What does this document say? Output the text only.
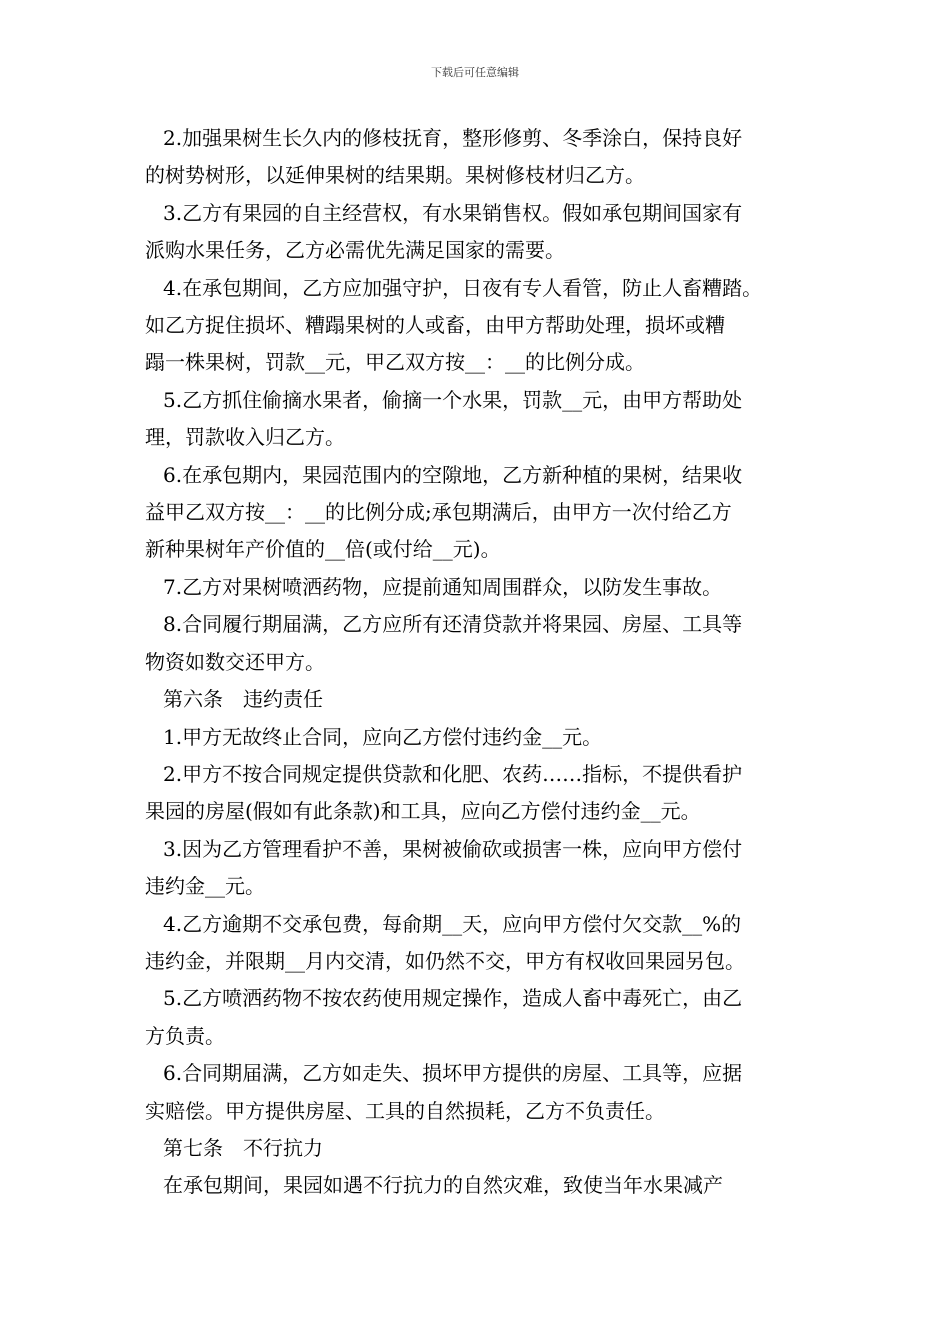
下载后可任意编辑
2.加强果树生长久内的修枝抚育，整形修剪、冬季涂白，保持良好
的树势树形，以延伸果树的结果期。果树修枝材归乙方。
3.乙方有果园的自主经营权，有水果销售权。假如承包期间国家有
派购水果任务，乙方必需优先满足国家的需要。
4.在承包期间，乙方应加强守护，日夜有专人看管，防止人畜糟踏。
如乙方捉住损坏、糟蹋果树的人或畜，由甲方帮助处理，损坏或糟
蹋一株果树，罚款__元，甲乙双方按__：__的比例分成。
5.乙方抓住偷摘水果者，偷摘一个水果，罚款__元，由甲方帮助处
理，罚款收入归乙方。
6.在承包期内，果园范围内的空隙地，乙方新种植的果树，结果收
益甲乙双方按__：__的比例分成;承包期满后，由甲方一次付给乙方
新种果树年产价值的__倍(或付给__元)。
7.乙方对果树喷洒药物，应提前通知周围群众，以防发生事故。
8.合同履行期届满，乙方应所有还清贷款并将果园、房屋、工具等
物资如数交还甲方。
第六条　违约责任
1.甲方无故终止合同，应向乙方偿付违约金__元。
2.甲方不按合同规定提供贷款和化肥、农药……指标，不提供看护
果园的房屋(假如有此条款)和工具，应向乙方偿付违约金__元。
3.因为乙方管理看护不善，果树被偷砍或损害一株，应向甲方偿付
违约金__元。
4.乙方逾期不交承包费，每俞期__天，应向甲方偿付欠交款__%的
违约金，并限期__月内交清，如仍然不交，甲方有权收回果园另包。
5.乙方喷洒药物不按农药使用规定操作，造成人畜中毒死亡，由乙
方负责。
6.合同期届满，乙方如走失、损坏甲方提供的房屋、工具等，应据
实赔偿。甲方提供房屋、工具的自然损耗，乙方不负责任。
第七条　不行抗力
在承包期间，果园如遇不行抗力的自然灾难，致使当年水果减产
